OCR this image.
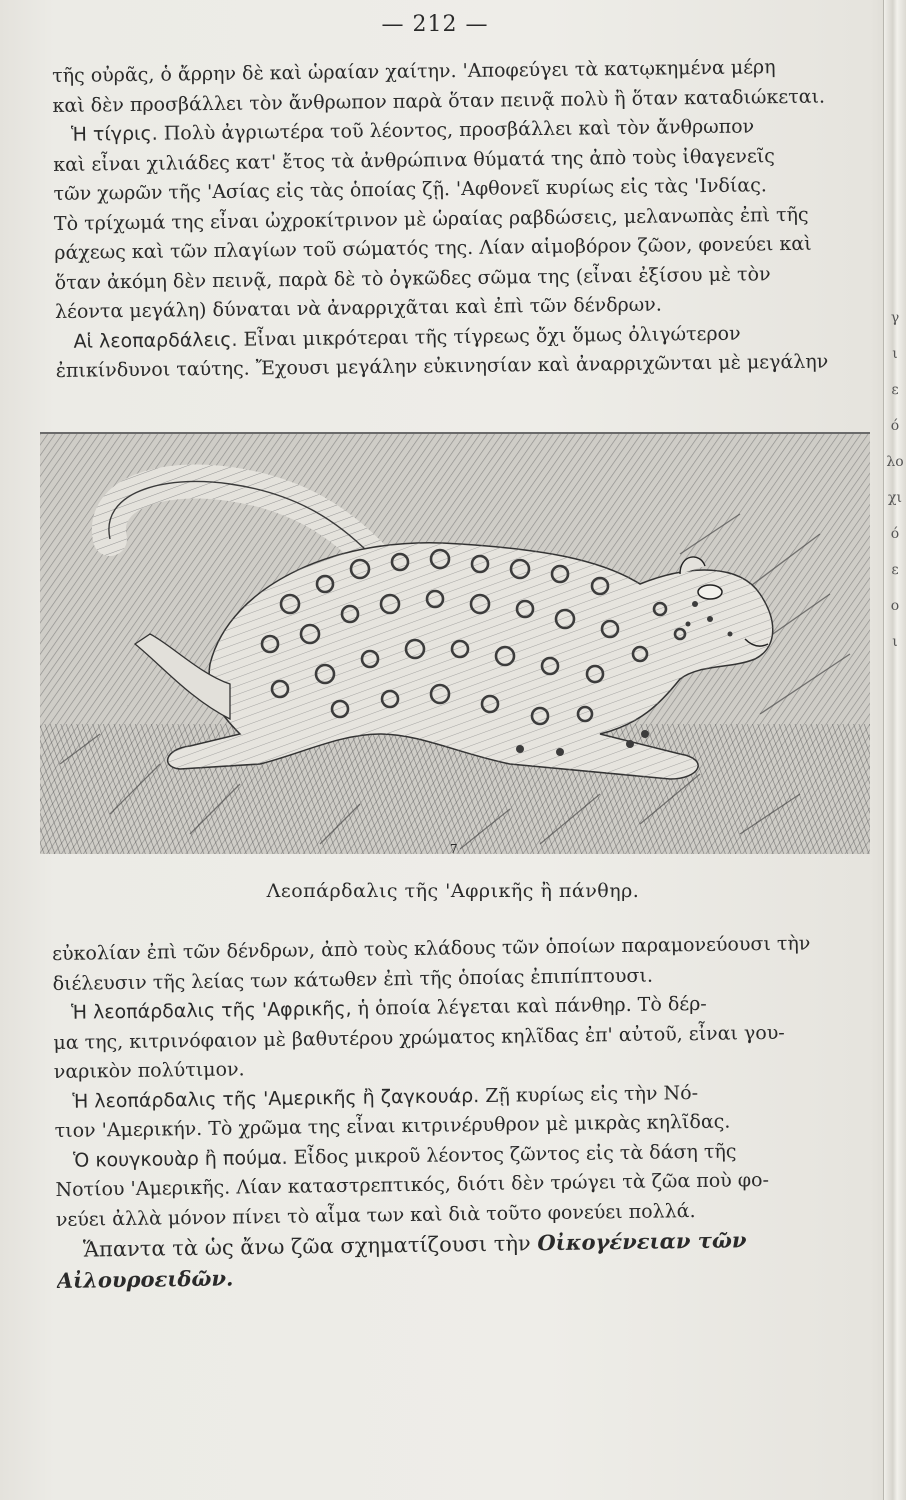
γ
ι
ε
ό
λο
χι
ό
ε
ο
ι
— 212 —
τῆς οὐρᾶς, ὁ ἄρρην δὲ καὶ ὡραίαν χαίτην. 'Αποφεύγει τὰ κατῳκημένα μέρη
καὶ δὲν προσβάλλει τὸν ἄνθρωπον παρὰ ὅταν πεινᾷ πολὺ ἢ ὅταν καταδιώκεται.
Ἡ τίγρις. Πολὺ ἀγριωτέρα τοῦ λέοντος, προσβάλλει καὶ τὸν ἄνθρωπον
καὶ εἶναι χιλιάδες κατ' ἔτος τὰ ἀνθρώπινα θύματά της ἀπὸ τοὺς ἰθαγενεῖς
τῶν χωρῶν τῆς 'Ασίας εἰς τὰς ὁποίας ζῇ. 'Αφθονεῖ κυρίως εἰς τὰς 'Ινδίας.
Τὸ τρίχωμά της εἶναι ὠχροκίτρινον μὲ ὡραίας ραβδώσεις, μελανωπὰς ἐπὶ τῆς
ράχεως καὶ τῶν πλαγίων τοῦ σώματός της. Λίαν αἱμοβόρον ζῶον, φονεύει καὶ
ὅταν ἀκόμη δὲν πεινᾷ, παρὰ δὲ τὸ ὀγκῶδες σῶμα της (εἶναι ἐξίσου μὲ τὸν
λέοντα μεγάλη) δύναται νὰ ἀναρριχᾶται καὶ ἐπὶ τῶν δένδρων.
Αἱ λεοπαρδάλεις. Εἶναι μικρότεραι τῆς τίγρεως ὄχι ὅμως ὀλιγώτερον
ἐπικίνδυνοι ταύτης. Ἔχουσι μεγάλην εὐκινησίαν καὶ ἀναρριχῶνται μὲ μεγάλην
7
Λεοπάρδαλις τῆς 'Αφρικῆς ἢ πάνθηρ.
εὐκολίαν ἐπὶ τῶν δένδρων, ἀπὸ τοὺς κλάδους τῶν ὁποίων παραμονεύουσι τὴν
διέλευσιν τῆς λείας των κάτωθεν ἐπὶ τῆς ὁποίας ἐπιπίπτουσι.
Ἡ λεοπάρδαλις τῆς 'Αφρικῆς, ἡ ὁποία λέγεται καὶ πάνθηρ. Τὸ δέρ-
μα της, κιτρινόφαιον μὲ βαθυτέρου χρώματος κηλῖδας ἐπ' αὐτοῦ, εἶναι γου-
ναρικὸν πολύτιμον.
Ἡ λεοπάρδαλις τῆς 'Αμερικῆς ἢ ζαγκουάρ. Ζῇ κυρίως εἰς τὴν Νό-
τιον 'Αμερικήν. Τὸ χρῶμα της εἶναι κιτρινέρυθρον μὲ μικρὰς κηλῖδας.
Ὁ κουγκουὰρ ἢ πούμα. Εἶδος μικροῦ λέοντος ζῶντος εἰς τὰ δάση τῆς
Νοτίου 'Αμερικῆς. Λίαν καταστρεπτικός, διότι δὲν τρώγει τὰ ζῶα ποὺ φο-
νεύει ἀλλὰ μόνον πίνει τὸ αἷμα των καὶ διὰ τοῦτο φονεύει πολλά.
Ἅπαντα τὰ ὡς ἄνω ζῶα σχηματίζουσι τὴν Οἰκογένειαν τῶν
Αἰλουροειδῶν.
